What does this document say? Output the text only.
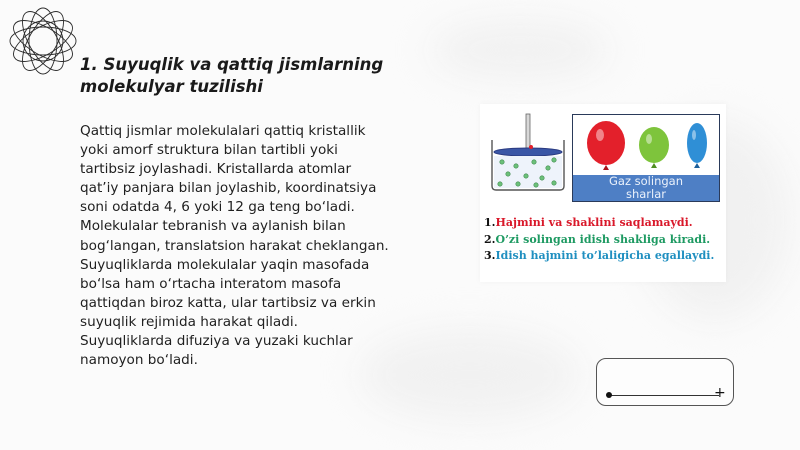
1. Suyuqlik va qattiq jismlarning
molekulyar tuzilishi
Qattiq jismlar molekulalari qattiq kristallik
yoki amorf struktura bilan tartibli yoki
tartibsiz joylashadi. Kristallarda atomlar
qat’iy panjara bilan joylashib, koordinatsiya
soni odatda 4, 6 yoki 12 ga teng bo‘ladi.
Molekulalar tebranish va aylanish bilan
bog‘langan, translatsion harakat cheklangan.
Suyuqliklarda molekulalar yaqin masofada
bo‘lsa ham o‘rtacha interatom masofa
qattiqdan biroz katta, ular tartibsiz va erkin
suyuqlik rejimida harakat qiladi.
Suyuqliklarda difuziya va yuzaki kuchlar
namoyon bo‘ladi.
Gaz solingan
sharlar
1.Hajmini va shaklini saqlamaydi.
2.O’zi solingan idish shakliga kiradi.
3.Idish hajmini to’laligicha egallaydi.
+
